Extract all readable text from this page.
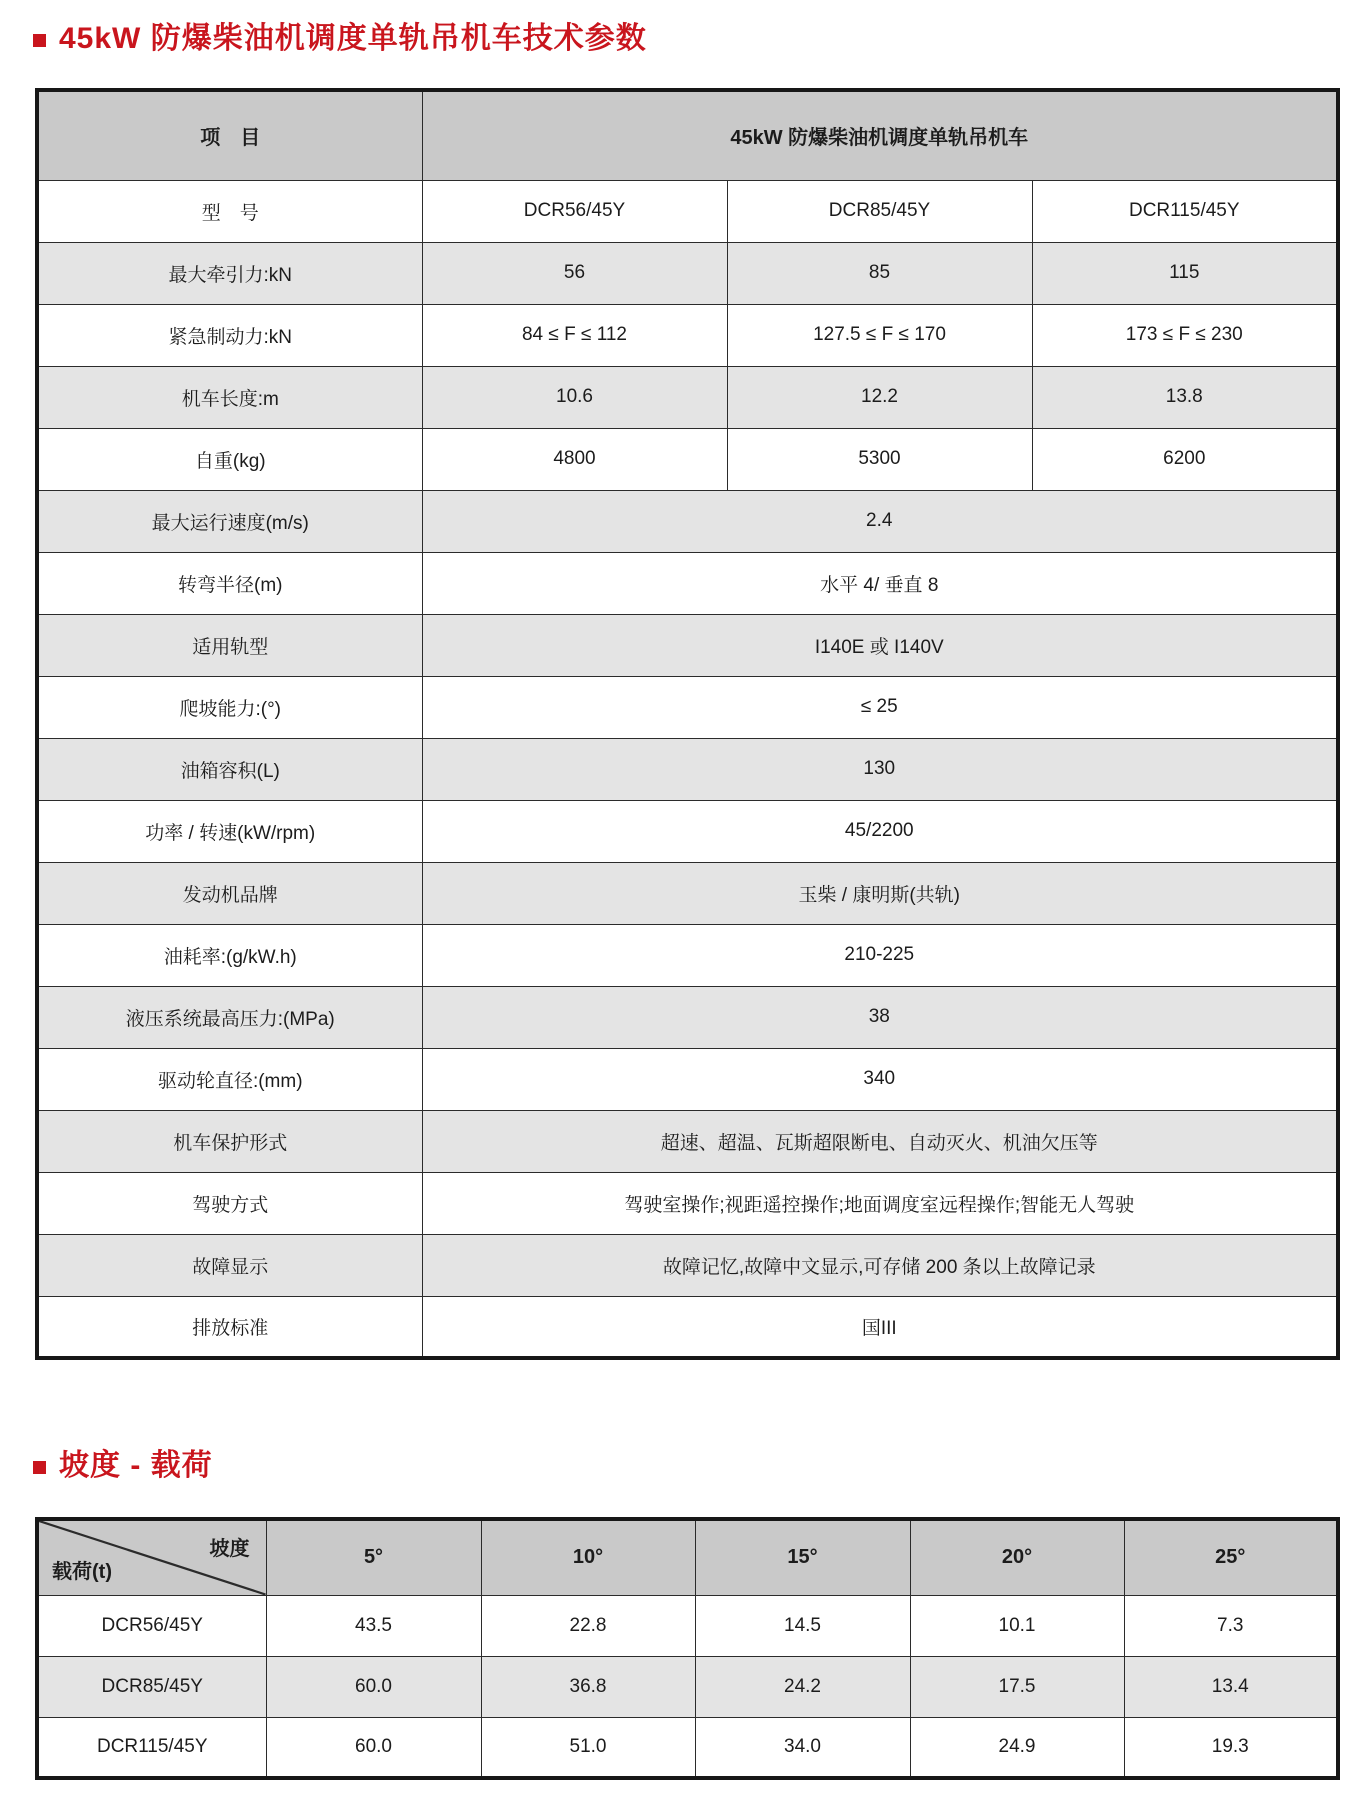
45kW 防爆柴油机调度单轨吊机车技术参数
项　目	45kW 防爆柴油机调度单轨吊机车		
型　号	DCR56/45Y	DCR85/45Y	DCR115/45Y
最大牵引力:kN	56	85	115
紧急制动力:kN	84 ≤ F ≤ 112	127.5 ≤ F ≤ 170	173 ≤ F ≤ 230
机车长度:m	10.6	12.2	13.8
自重(kg)	4800	5300	6200
最大运行速度(m/s)	2.4		
转弯半径(m)	水平 4/ 垂直 8		
适用轨型	I140E 或 I140V		
爬坡能力:(°)	≤ 25		
油箱容积(L)	130		
功率 / 转速(kW/rpm)	45/2200		
发动机品牌	玉柴 / 康明斯(共轨)		
油耗率:(g/kW.h)	210-225		
液压系统最高压力:(MPa)	38		
驱动轮直径:(mm)	340		
机车保护形式	超速、超温、瓦斯超限断电、自动灭火、机油欠压等		
驾驶方式	驾驶室操作;视距遥控操作;地面调度室远程操作;智能无人驾驶		
故障显示	故障记忆,故障中文显示,可存储 200 条以上故障记录		
排放标准	国III		
坡度 - 载荷
坡度
载荷(t)	5°	10°	15°	20°	25°
DCR56/45Y	43.5	22.8	14.5	10.1	7.3
DCR85/45Y	60.0	36.8	24.2	17.5	13.4
DCR115/45Y	60.0	51.0	34.0	24.9	19.3
